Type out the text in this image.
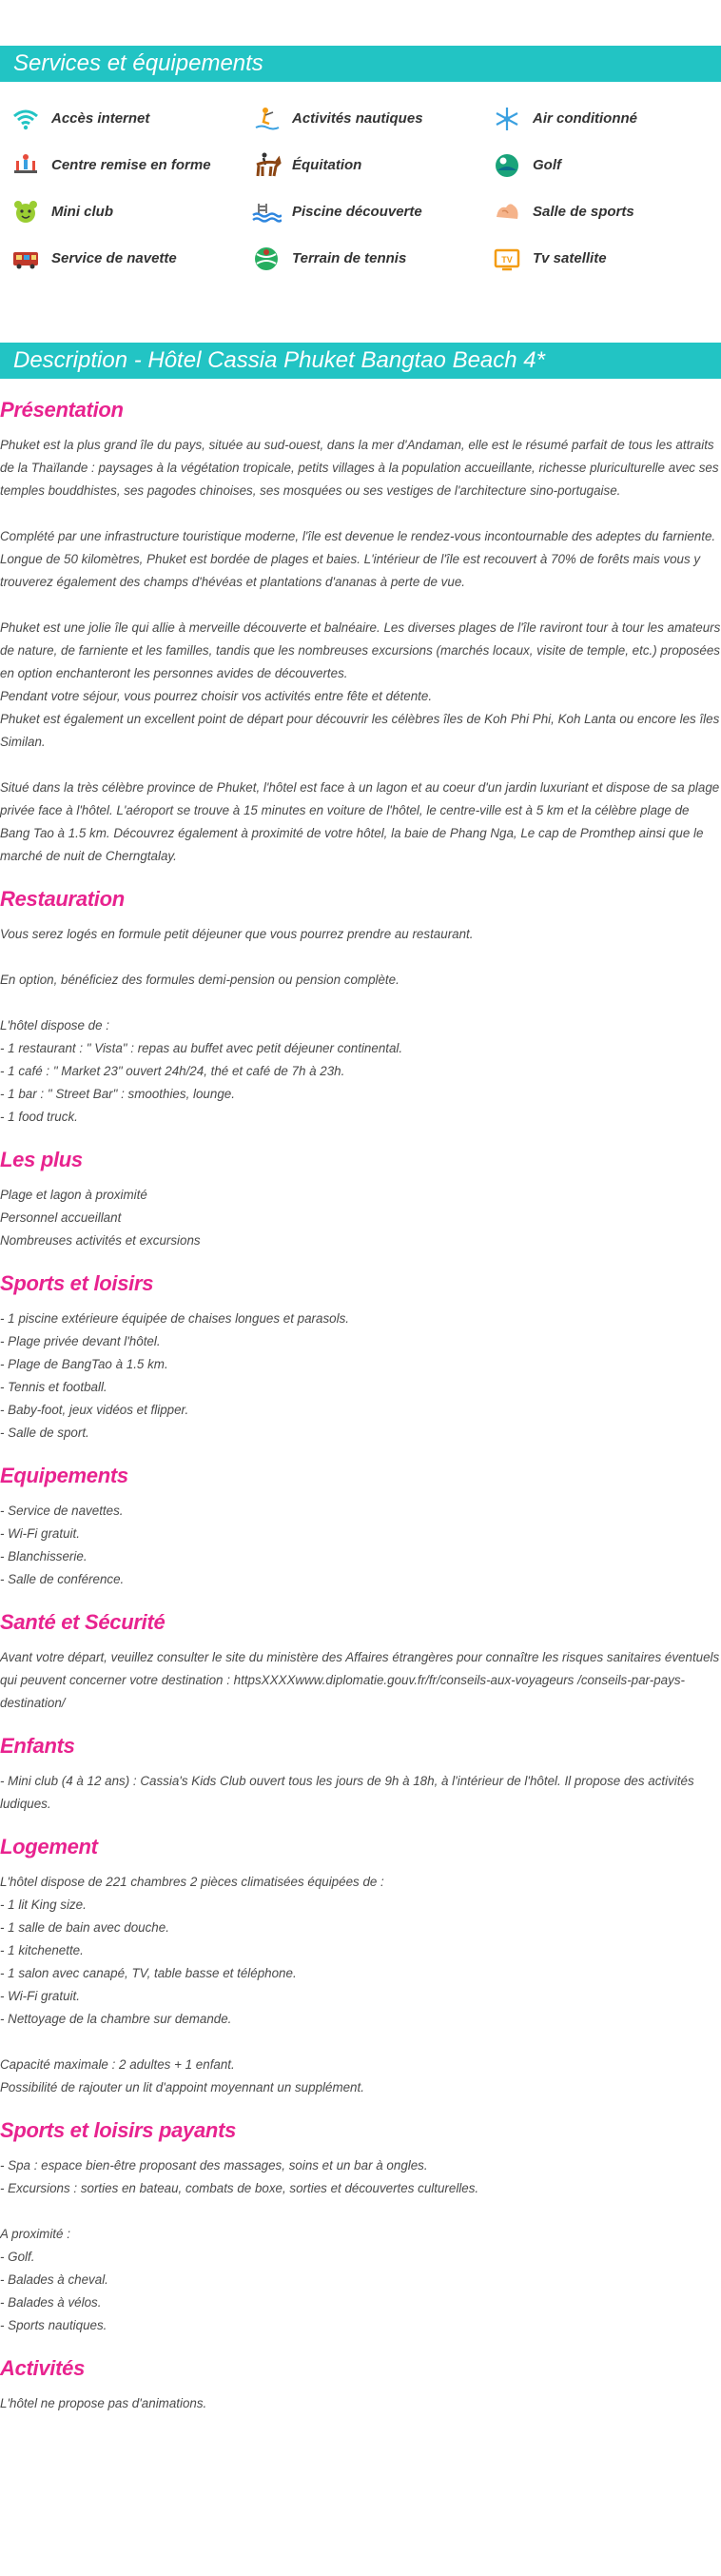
Services et équipements
Accès internet	Activités nautiques	Air conditionné
Centre remise en forme	Équitation	Golf
Mini club	Piscine découverte	Salle de sports
Service de navette	Terrain de tennis	TV Tv satellite
Description - Hôtel Cassia Phuket Bangtao Beach 4*
Présentation

Phuket est la plus grand île du pays, située au sud-ouest, dans la mer d'Andaman, elle est le résumé parfait de tous les attraits de la Thaïlande : paysages à la végétation tropicale, petits villages à la population accueillante, richesse pluriculturelle avec ses temples bouddhistes, ses pagodes chinoises, ses mosquées ou ses vestiges de l'architecture sino-portugaise.

Complété par une infrastructure touristique moderne, l'île est devenue le rendez-vous incontournable des adeptes du farniente.
Longue de 50 kilomètres, Phuket est bordée de plages et baies. L'intérieur de l'île est recouvert à 70% de forêts mais vous y trouverez également des champs d'hévéas et plantations d'ananas à perte de vue.

Phuket est une jolie île qui allie à merveille découverte et balnéaire. Les diverses plages de l'île raviront tour à tour les amateurs de nature, de farniente et les familles, tandis que les nombreuses excursions (marchés locaux, visite de temple, etc.) proposées en option enchanteront les personnes avides de découvertes.
Pendant votre séjour, vous pourrez choisir vos activités entre fête et détente.
Phuket est également un excellent point de départ pour découvrir les célèbres îles de Koh Phi Phi, Koh Lanta ou encore les îles Similan.

Situé dans la très célèbre province de Phuket, l'hôtel est face à un lagon et au coeur d'un jardin luxuriant et dispose de sa plage privée face à l'hôtel. L'aéroport se trouve à 15 minutes en voiture de l'hôtel, le centre-ville est à 5 km et la célèbre plage de Bang Tao à 1.5 km. Découvrez également à proximité de votre hôtel, la baie de Phang Nga, Le cap de Promthep ainsi que le marché de nuit de Cherngtalay.

Restauration

Vous serez logés en formule petit déjeuner que vous pourrez prendre au restaurant.

En option, bénéficiez des formules demi-pension ou pension complète.

L'hôtel dispose de :
- 1 restaurant : " Vista" : repas au buffet avec petit déjeuner continental.
- 1 café : " Market 23" ouvert 24h/24, thé et café de 7h à 23h.
- 1 bar : " Street Bar" : smoothies, lounge.
- 1 food truck.

Les plus

Plage et lagon à proximité
Personnel accueillant
Nombreuses activités et excursions

Sports et loisirs

- 1 piscine extérieure équipée de chaises longues et parasols.
- Plage privée devant l'hôtel.
- Plage de BangTao à 1.5 km.
- Tennis et football.
- Baby-foot, jeux vidéos et flipper.
- Salle de sport.

Equipements

- Service de navettes.
- Wi-Fi gratuit.
- Blanchisserie.
- Salle de conférence.

Santé et Sécurité

Avant votre départ, veuillez consulter le site du ministère des Affaires étrangères pour connaître les risques sanitaires éventuels qui peuvent concerner votre destination : httpsXXXXwww.diplomatie.gouv.fr/fr/conseils-aux-voyageurs /conseils-par-pays-destination/

Enfants

- Mini club (4 à 12 ans) : Cassia's Kids Club ouvert tous les jours de 9h à 18h, à l'intérieur de l'hôtel. Il propose des activités ludiques.

Logement

L'hôtel dispose de 221 chambres 2 pièces climatisées équipées de :
- 1 lit King size.
- 1 salle de bain avec douche.
- 1 kitchenette.
- 1 salon avec canapé, TV, table basse et téléphone.
- Wi-Fi gratuit.
- Nettoyage de la chambre sur demande.

Capacité maximale : 2 adultes + 1 enfant.
Possibilité de rajouter un lit d'appoint moyennant un supplément.

Sports et loisirs payants

- Spa : espace bien-être proposant des massages, soins et un bar à ongles.
- Excursions : sorties en bateau, combats de boxe, sorties et découvertes culturelles.

A proximité :
- Golf.
- Balades à cheval.
- Balades à vélos.
- Sports nautiques.

Activités

L'hôtel ne propose pas d'animations.
